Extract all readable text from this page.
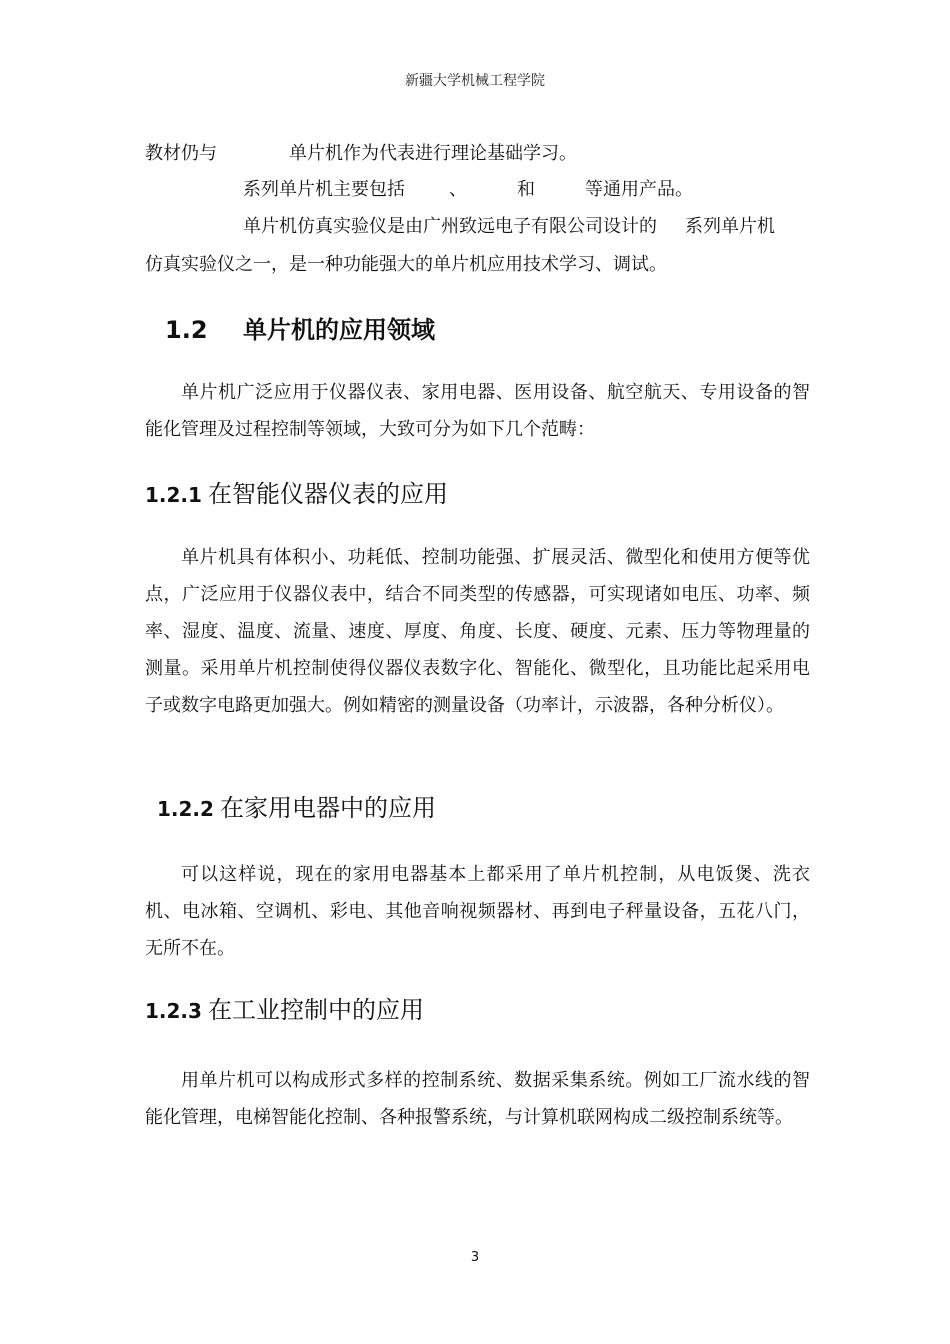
新疆大学机械工程学院
教材仍与	单片机作为代表进行理论基础学习。
系列单片机主要包括 、	和	等通用产品。
单片机仿真实验仪是由广州致远电子有限公司设计的 系列单片机
仿真实验仪之一，是一种功能强大的单片机应用技术学习、调试。
1.2 单片机的应用领域
单片机广泛应用于仪器仪表、家用电器、医用设备、航空航天、专用设备的智能化管理及过程控制等领域，大致可分为如下几个范畴：
1.2.1 在智能仪器仪表的应用
单片机具有体积小、功耗低、控制功能强、扩展灵活、微型化和使用方便等优点，广泛应用于仪器仪表中，结合不同类型的传感器，可实现诸如电压、功率、频率、湿度、温度、流量、速度、厚度、角度、长度、硬度、元素、压力等物理量的测量。采用单片机控制使得仪器仪表数字化、智能化、微型化，且功能比起采用电子或数字电路更加强大。例如精密的测量设备（功率计，示波器，各种分析仪）。
1.2.2 在家用电器中的应用
可以这样说，现在的家用电器基本上都采用了单片机控制，从电饭煲、洗衣机、电冰箱、空调机、彩电、其他音响视频器材、再到电子秤量设备，五花八门，无所不在。
1.2.3 在工业控制中的应用
用单片机可以构成形式多样的控制系统、数据采集系统。例如工厂流水线的智能化管理，电梯智能化控制、各种报警系统，与计算机联网构成二级控制系统等。
3
